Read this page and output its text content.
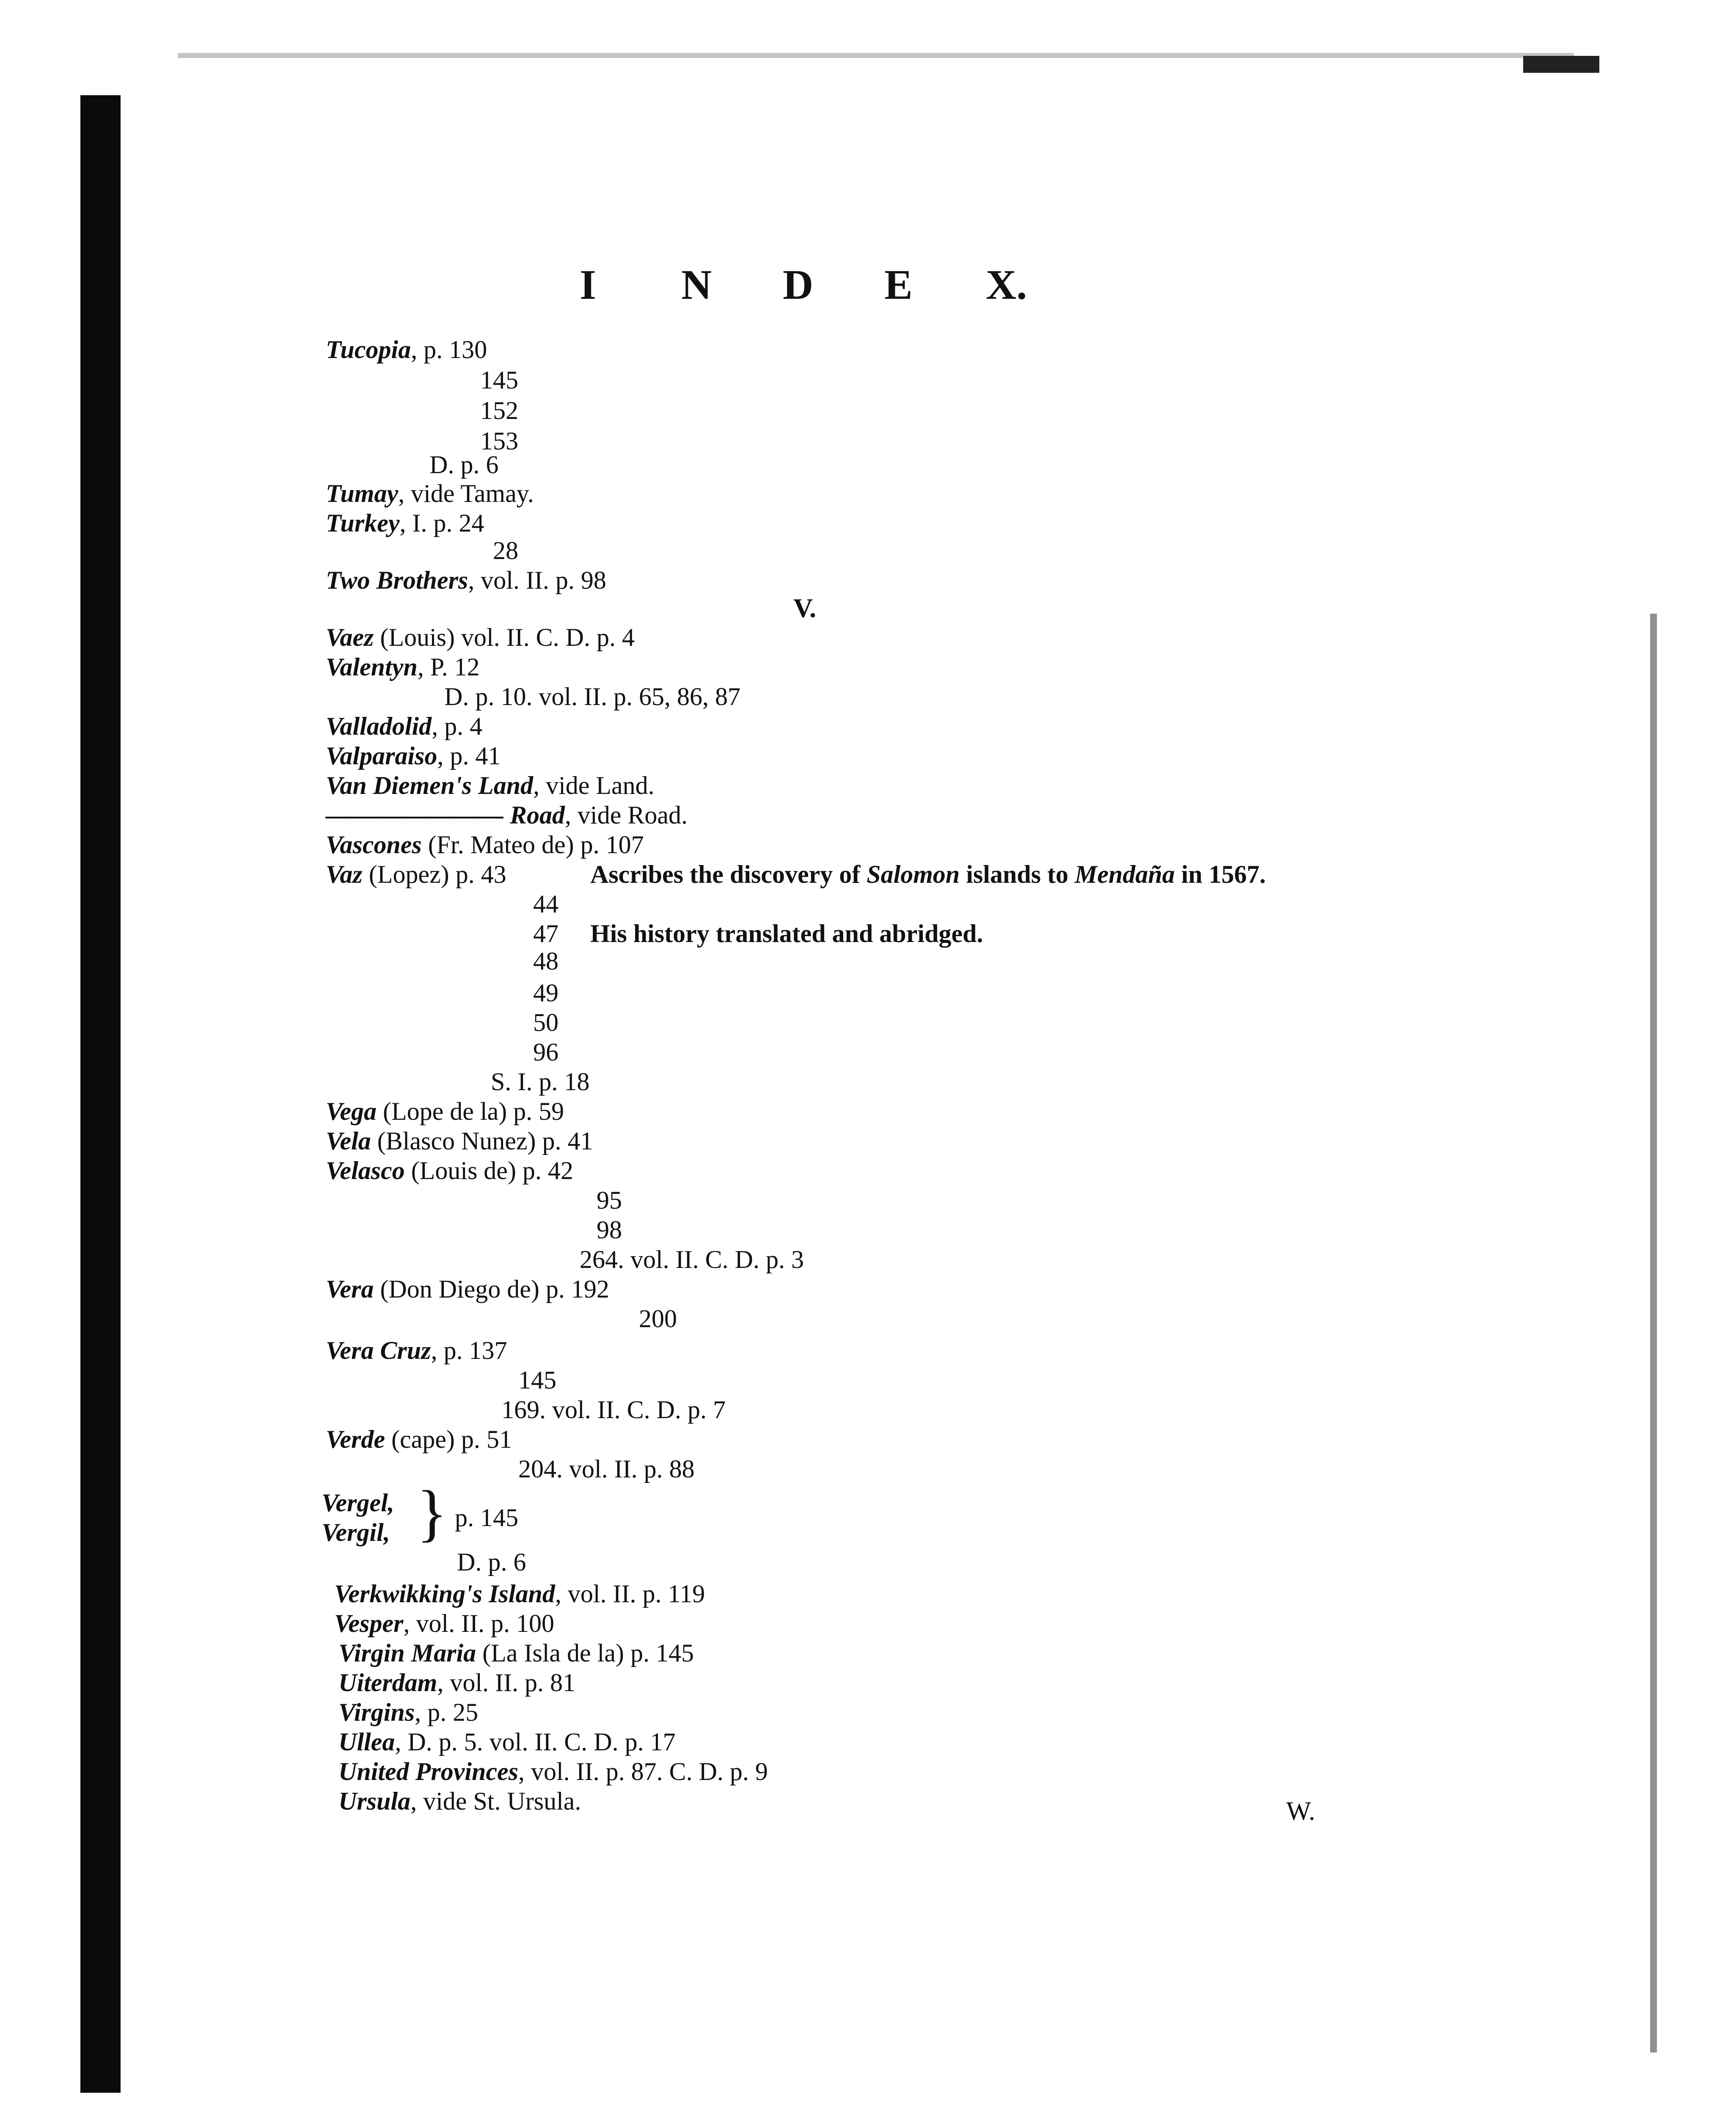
I N D E X.
Tucopia, p. 130
145
152
153
D. p. 6
Tumay, vide Tamay.
Turkey, I. p. 24
28
Two Brothers, vol. II. p. 98
V.
Vaez (Louis) vol. II. C. D. p. 4
Valentyn, P. 12
D. p. 10. vol. II. p. 65, 86, 87
Valladolid, p. 4
Valparaiso, p. 41
Van Diemen's Land, vide Land.
——————— Road, vide Road.
Vascones (Fr. Mateo de) p. 107
Vaz (Lopez) p. 43	Ascribes the discovery of Salomon islands to Mendaña in 1567.
44
47 His history translated and abridged.
48
49
50
96
S. I. p. 18
Vega (Lope de la) p. 59
Vela (Blasco Nunez) p. 41
Velasco (Louis de) p. 42
95
98
264. vol. II. C. D. p. 3
Vera (Don Diego de) p. 192
200
Vera Cruz, p. 137
145
169. vol. II. C. D. p. 7
Verde (cape) p. 51
204. vol. II. p. 88
Vergel,
Vergil, } p. 145
D. p. 6
Verkwikking's Island, vol. II. p. 119
Vesper, vol. II. p. 100
Virgin Maria (La Isla de la) p. 145
Uiterdam, vol. II. p. 81
Virgins, p. 25
Ullea, D. p. 5. vol. II. C. D. p. 17
United Provinces, vol. II. p. 87. C. D. p. 9
Ursula, vide St. Ursula.	W.
